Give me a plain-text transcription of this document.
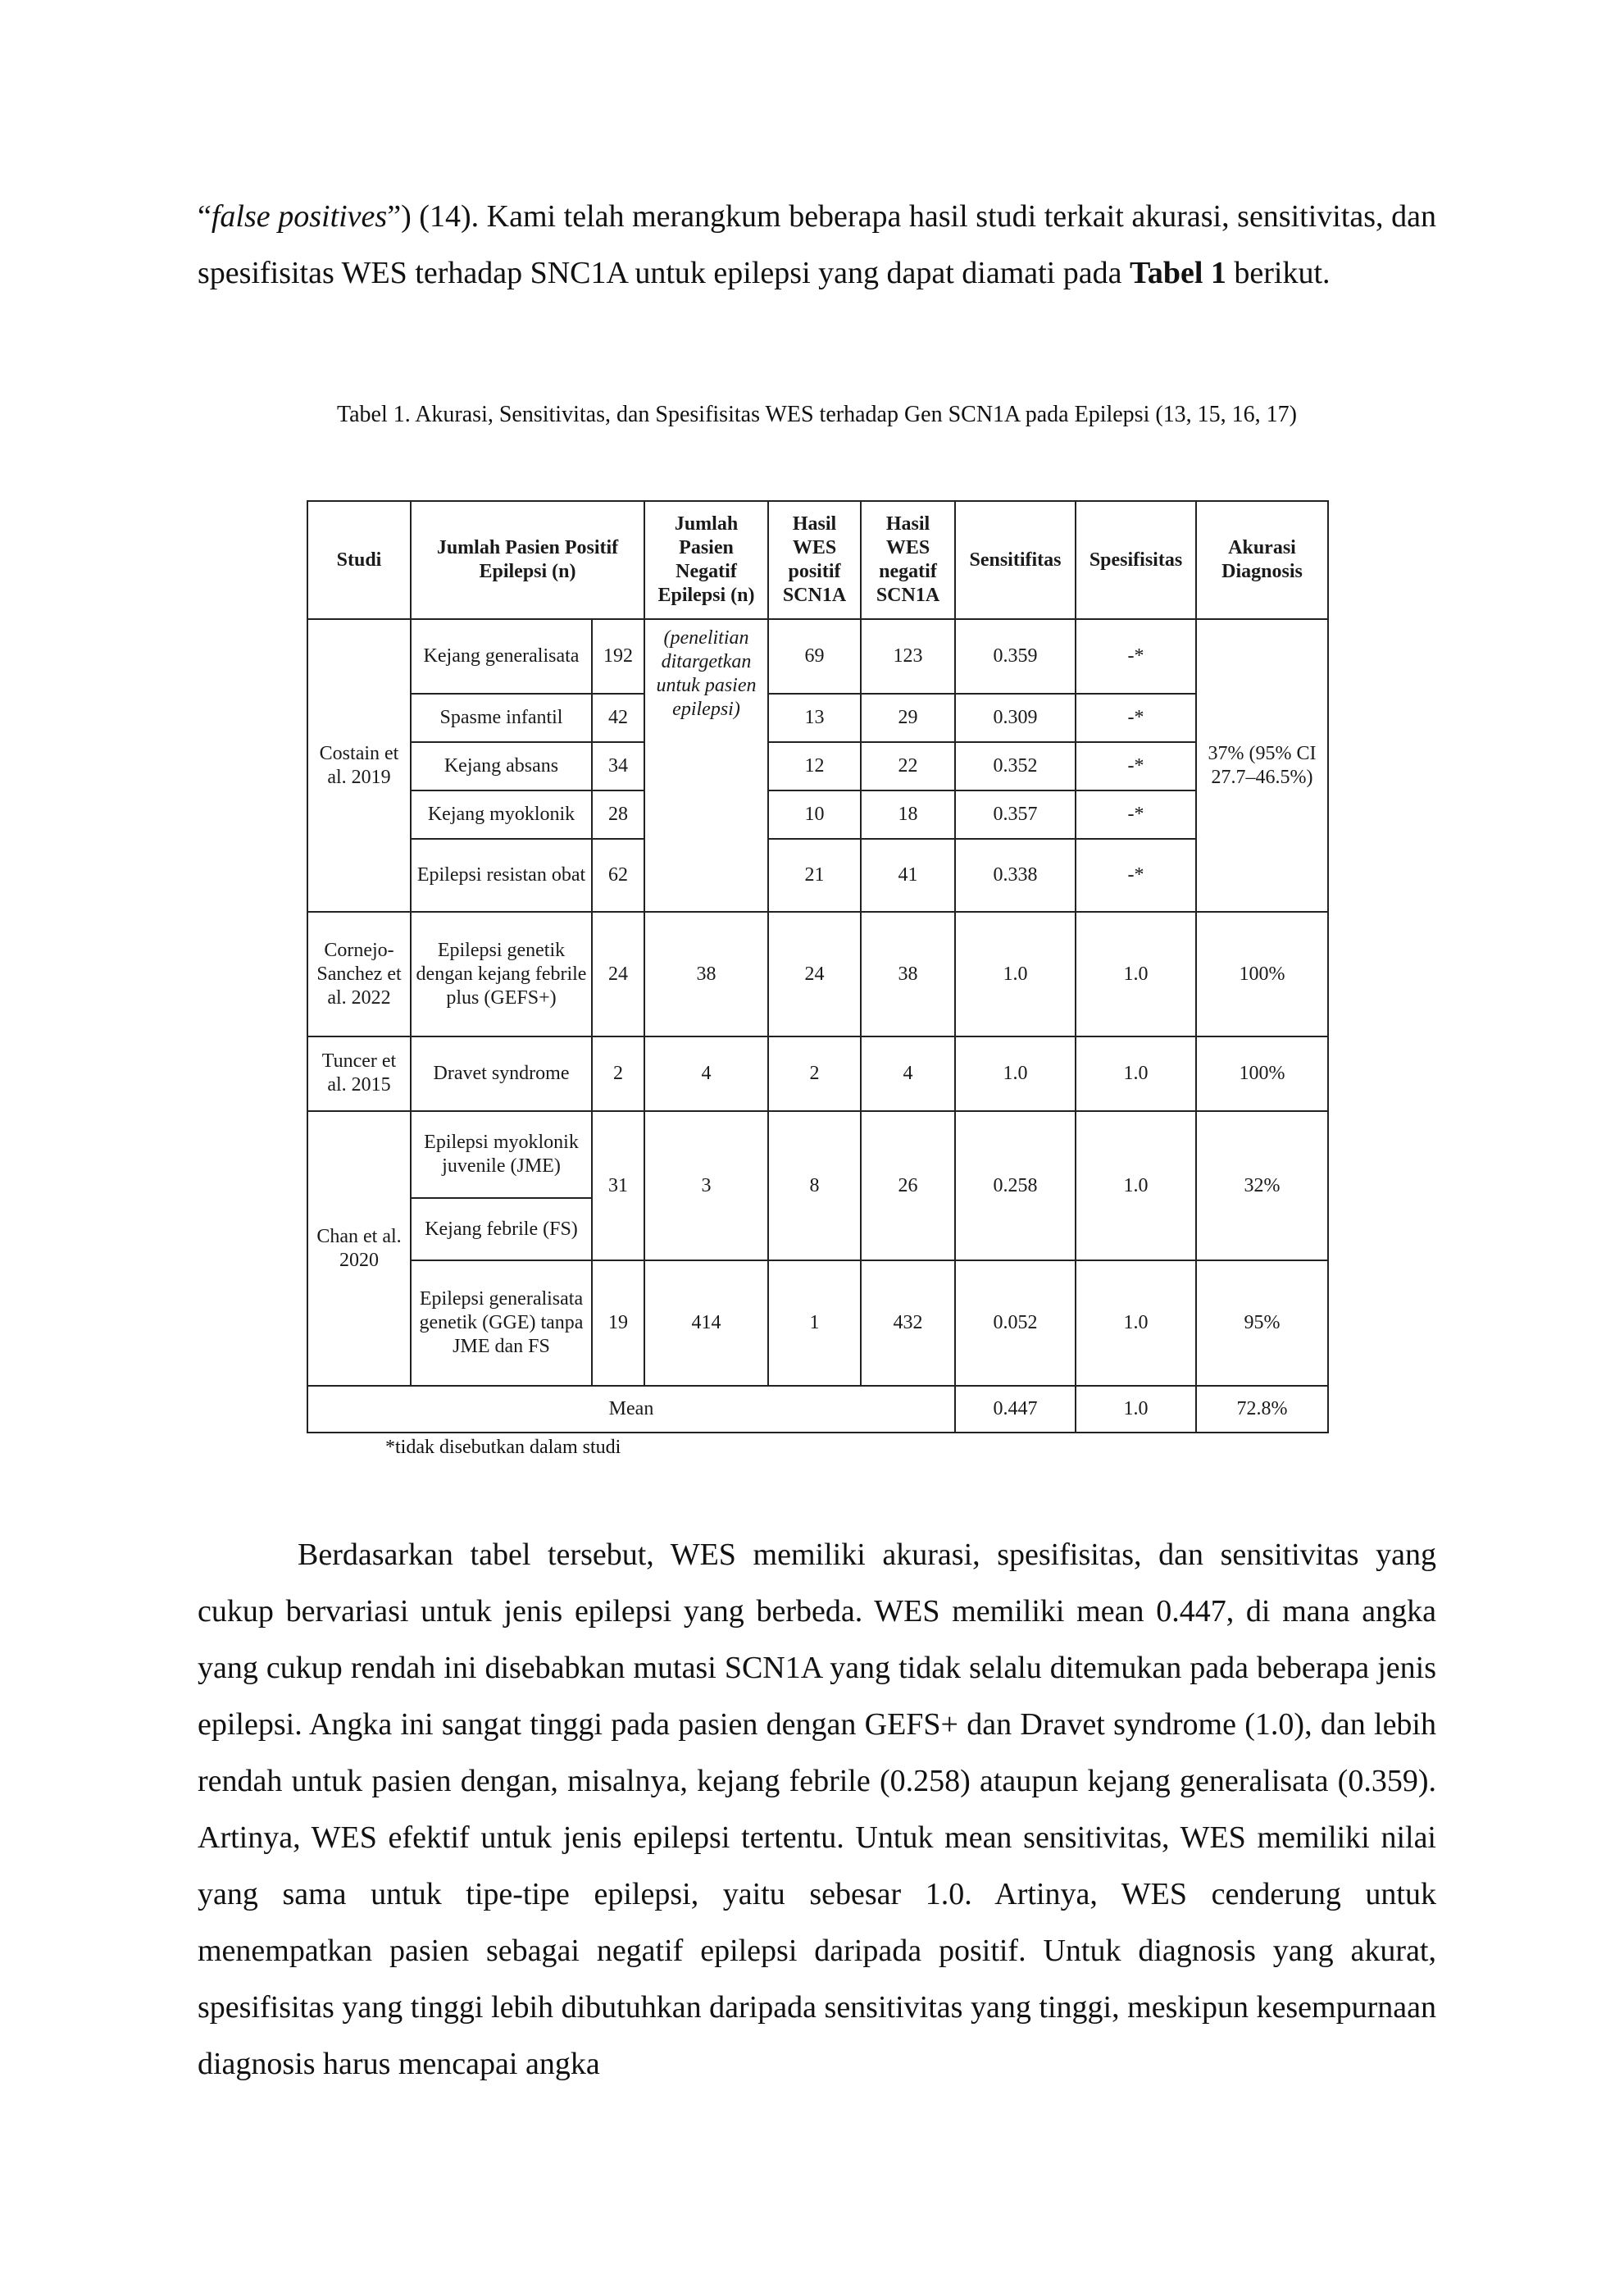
“false positives”) (14). Kami telah merangkum beberapa hasil studi terkait akurasi, sensitivitas, dan spesifisitas WES terhadap SNC1A untuk epilepsi yang dapat diamati pada Tabel 1 berikut.

Tabel 1. Akurasi, Sensitivitas, dan Spesifisitas WES terhadap Gen SCN1A pada Epilepsi (13, 15, 16, 17)

Studi	Jumlah Pasien Positif Epilepsi (n)		Jumlah Pasien Negatif Epilepsi (n)	Hasil WES positif SCN1A	Hasil WES negatif SCN1A	Sensitifitas	Spesifisitas	Akurasi Diagnosis
Costain et al. 2019	Kejang generalisata	192	(penelitian ditargetkan untuk pasien epilepsi)	69	123	0.359	-*	37% (95% CI 27.7–46.5%)
	Spasme infantil	42		13	29	0.309	-*	
	Kejang absans	34		12	22	0.352	-*	
	Kejang myoklonik	28		10	18	0.357	-*	
	Epilepsi resistan obat	62		21	41	0.338	-*	
Cornejo-Sanchez et al. 2022	Epilepsi genetik dengan kejang febrile plus (GEFS+)	24	38	24	38	1.0	1.0	100%
Tuncer et al. 2015	Dravet syndrome	2	4	2	4	1.0	1.0	100%
Chan et al. 2020	Epilepsi myoklonik juvenile (JME)	31	3	8	26	0.258	1.0	32%
	Kejang febrile (FS)							
	Epilepsi generalisata genetik (GGE) tanpa JME dan FS	19	414	1	432	0.052	1.0	95%
Mean						0.447	1.0	72.8%

*tidak disebutkan dalam studi

Berdasarkan tabel tersebut, WES memiliki akurasi, spesifisitas, dan sensitivitas yang cukup bervariasi untuk jenis epilepsi yang berbeda. WES memiliki mean 0.447, di mana angka yang cukup rendah ini disebabkan mutasi SCN1A yang tidak selalu ditemukan pada beberapa jenis epilepsi. Angka ini sangat tinggi pada pasien dengan GEFS+ dan Dravet syndrome (1.0), dan lebih rendah untuk pasien dengan, misalnya, kejang febrile (0.258) ataupun kejang generalisata (0.359). Artinya, WES efektif untuk jenis epilepsi tertentu. Untuk mean sensitivitas, WES memiliki nilai yang sama untuk tipe-tipe epilepsi, yaitu sebesar 1.0. Artinya, WES cenderung untuk menempatkan pasien sebagai negatif epilepsi daripada positif. Untuk diagnosis yang akurat, spesifisitas yang tinggi lebih dibutuhkan daripada sensitivitas yang tinggi, meskipun kesempurnaan diagnosis harus mencapai angka
